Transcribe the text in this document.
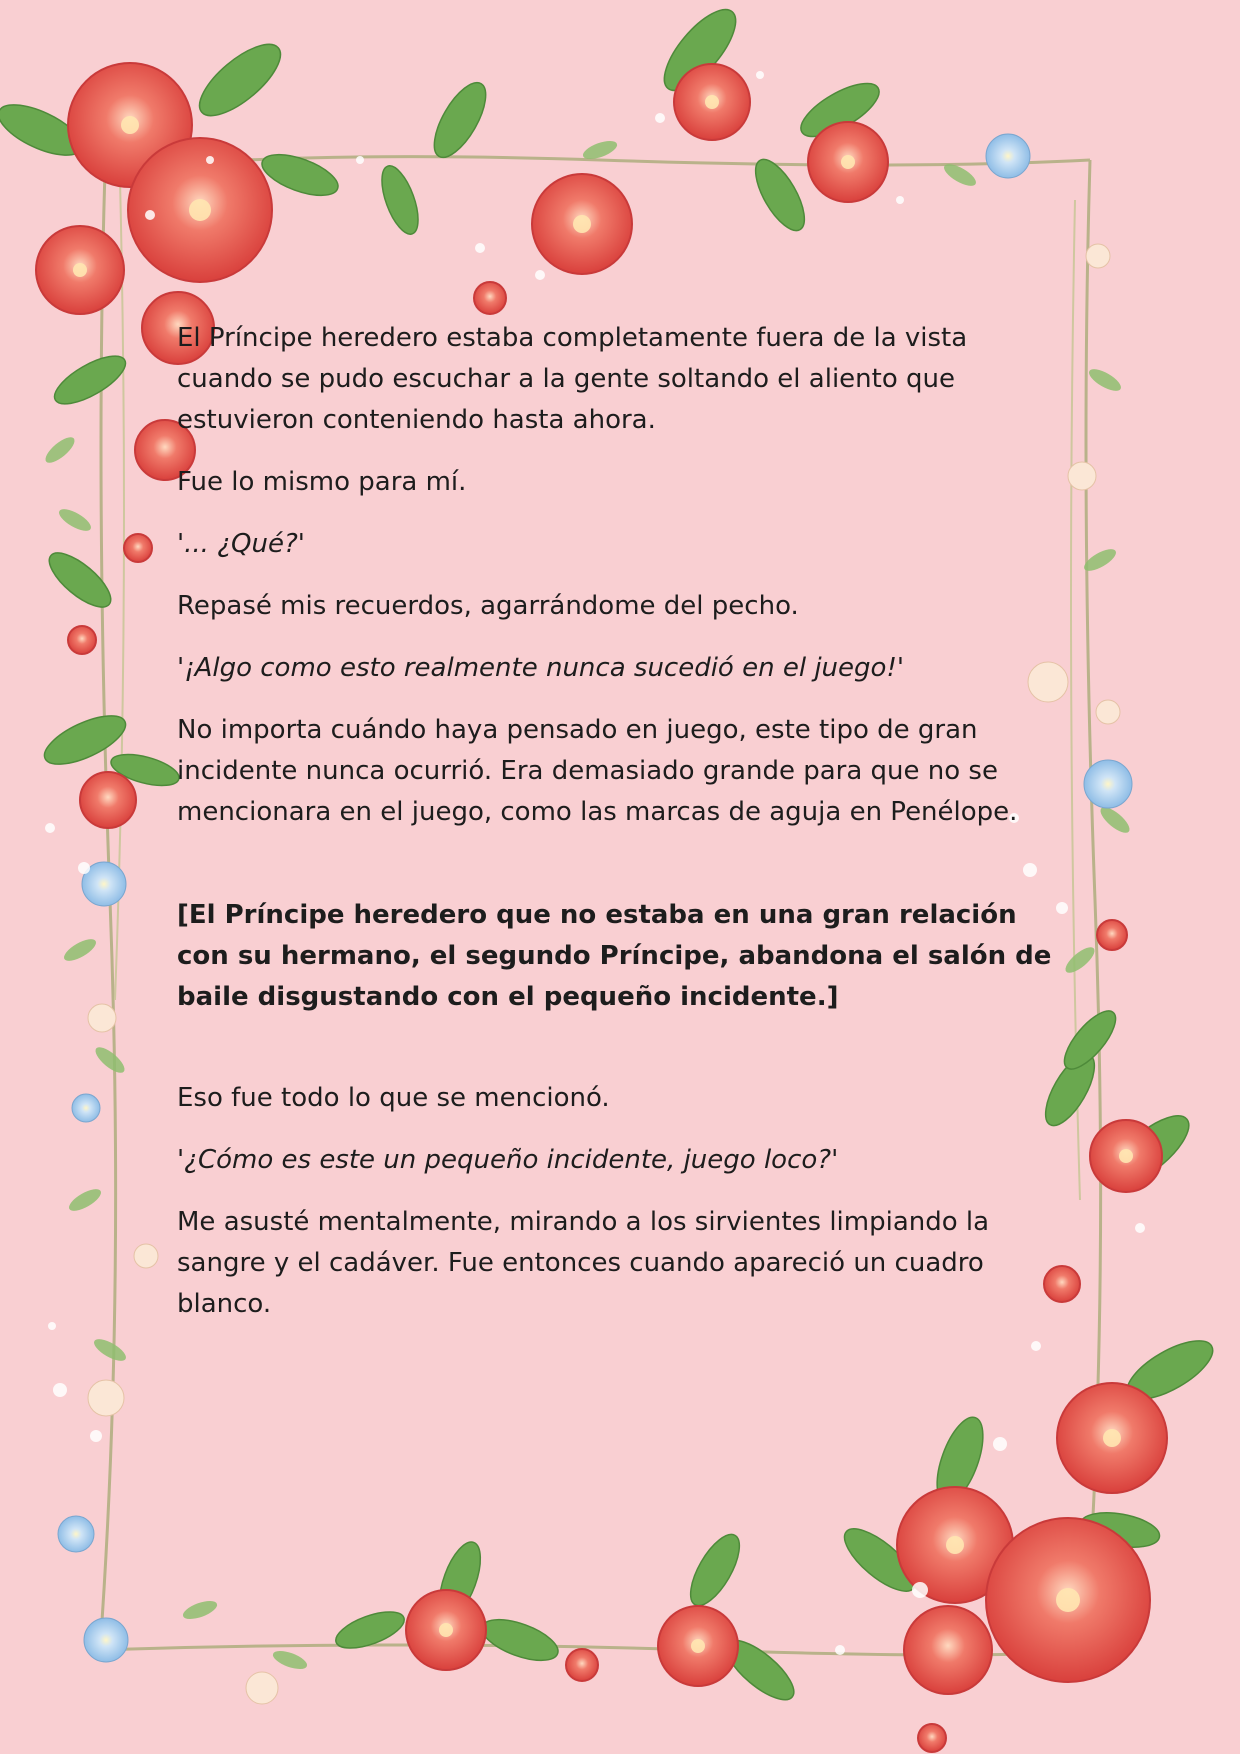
El Príncipe heredero estaba completamente fuera de la vista cuando se pudo escuchar a la gente soltando el aliento que estuvieron conteniendo hasta ahora.

Fue lo mismo para mí.

'... ¿Qué?'

Repasé mis recuerdos, agarrándome del pecho.

'¡Algo como esto realmente nunca sucedió en el juego!'

No importa cuándo haya pensado en juego, este tipo de gran incidente nunca ocurrió. Era demasiado grande para que no se mencionara en el juego, como las marcas de aguja en Penélope.

[El Príncipe heredero que no estaba en una gran relación con su hermano, el segundo Príncipe, abandona el salón de baile disgustando con el pequeño incidente.]

Eso fue todo lo que se mencionó.

'¿Cómo es este un pequeño incidente, juego loco?'

Me asusté mentalmente, mirando a los sirvientes limpiando la sangre y el cadáver. Fue entonces cuando apareció un cuadro blanco.
